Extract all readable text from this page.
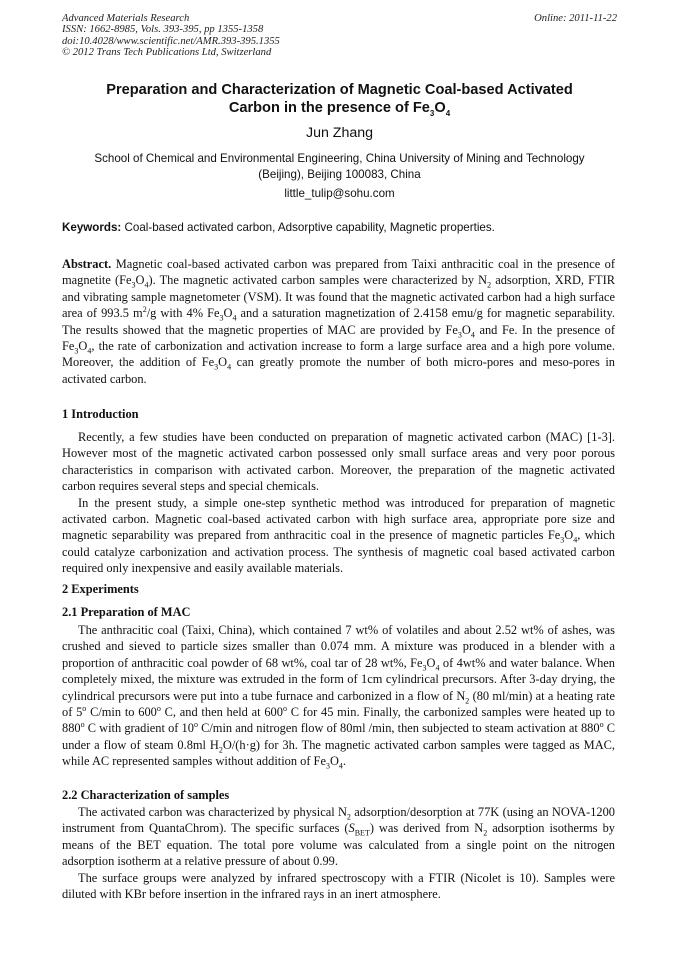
Advanced Materials Research
ISSN: 1662-8985, Vols. 393-395, pp 1355-1358
doi:10.4028/www.scientific.net/AMR.393-395.1355
© 2012 Trans Tech Publications Ltd, Switzerland
Online: 2011-11-22
Preparation and Characterization of Magnetic Coal-based Activated
Carbon in the presence of $Fe_3O_4$
Jun Zhang
School of Chemical and Environmental Engineering, China University of Mining and Technology
(Beijing), Beijing 100083, China
little_tulip@sohu.com
Keywords: Coal-based activated carbon, Adsorptive capability, Magnetic properties.

Abstract. Magnetic coal-based activated carbon was prepared from Taixi anthracitic coal in the presence of magnetite $(Fe_3O_4)$. The magnetic activated carbon samples were characterized by $N_2$ adsorption, XRD, FTIR and vibrating sample magnetometer (VSM). It was found that the magnetic activated carbon had a high surface area of 993.5 $m^2/g$ with 4% $Fe_3O_4$ and a saturation magnetization of 2.4158 emu/g for magnetic separability. The results showed that the magnetic properties of MAC are provided by $Fe_3O_4$ and Fe. In the presence of $Fe_3O_4$, the rate of carbonization and activation increase to form a large surface area and a high pore volume. Moreover, the addition of $Fe_3O_4$ can greatly promote the number of both micro-pores and meso-pores in activated carbon.

1 Introduction

Recently, a few studies have been conducted on preparation of magnetic activated carbon (MAC) [1-3]. However most of the magnetic activated carbon possessed only small surface areas and very poor porous characteristics in comparison with activated carbon. Moreover, the preparation of the magnetic activated carbon requires several steps and special chemicals.

In the present study, a simple one-step synthetic method was introduced for preparation of magnetic activated carbon. Magnetic coal-based activated carbon with high surface area, appropriate pore size and magnetic separability was prepared from anthracitic coal in the presence of magnetic particles $Fe_3O_4$, which could catalyze carbonization and activation process. The synthesis of magnetic coal based activated carbon required only inexpensive and easily available materials.

2 Experiments
2.1 Preparation of MAC

The anthracitic coal (Taixi, China), which contained 7 wt% of volatiles and about 2.52 wt% of ashes, was crushed and sieved to particle sizes smaller than 0.074 mm. A mixture was produced in a blender with a proportion of anthracitic coal powder of 68 wt%, coal tar of 28 wt%, $Fe_3O_4$ of 4wt% and water balance. When completely mixed, the mixture was extruded in the form of 1cm cylindrical precursors. After 3-day drying, the cylindrical precursors were put into a tube furnace and carbonized in a flow of $N_2$ (80 ml/min) at a heating rate of 5$^o$ C/min to 600$^o$ C, and then held at 600$^o$ C for 45 min. Finally, the carbonized samples were heated up to 880$^o$ C with gradient of 10$^o$ C/min and nitrogen flow of 80ml /min, then subjected to steam activation at 880$^o$ C under a flow of steam 0.8ml $H_2O/(h\cdot g)$ for 3h. The magnetic activated carbon samples were tagged as MAC, while AC represented samples without addition of $Fe_3O_4$.

2.2 Characterization of samples

The activated carbon was characterized by physical $N_2$ adsorption/desorption at 77K (using an NOVA-1200 instrument from QuantaChrom). The specific surfaces $(S_{BET})$ was derived from $N_2$ adsorption isotherms by means of the BET equation. The total pore volume was calculated from a single point on the nitrogen adsorption isotherm at a relative pressure of about 0.99.

The surface groups were analyzed by infrared spectroscopy with a FTIR (Nicolet is 10). Samples were diluted with KBr before insertion in the infrared rays in an inert atmosphere.
